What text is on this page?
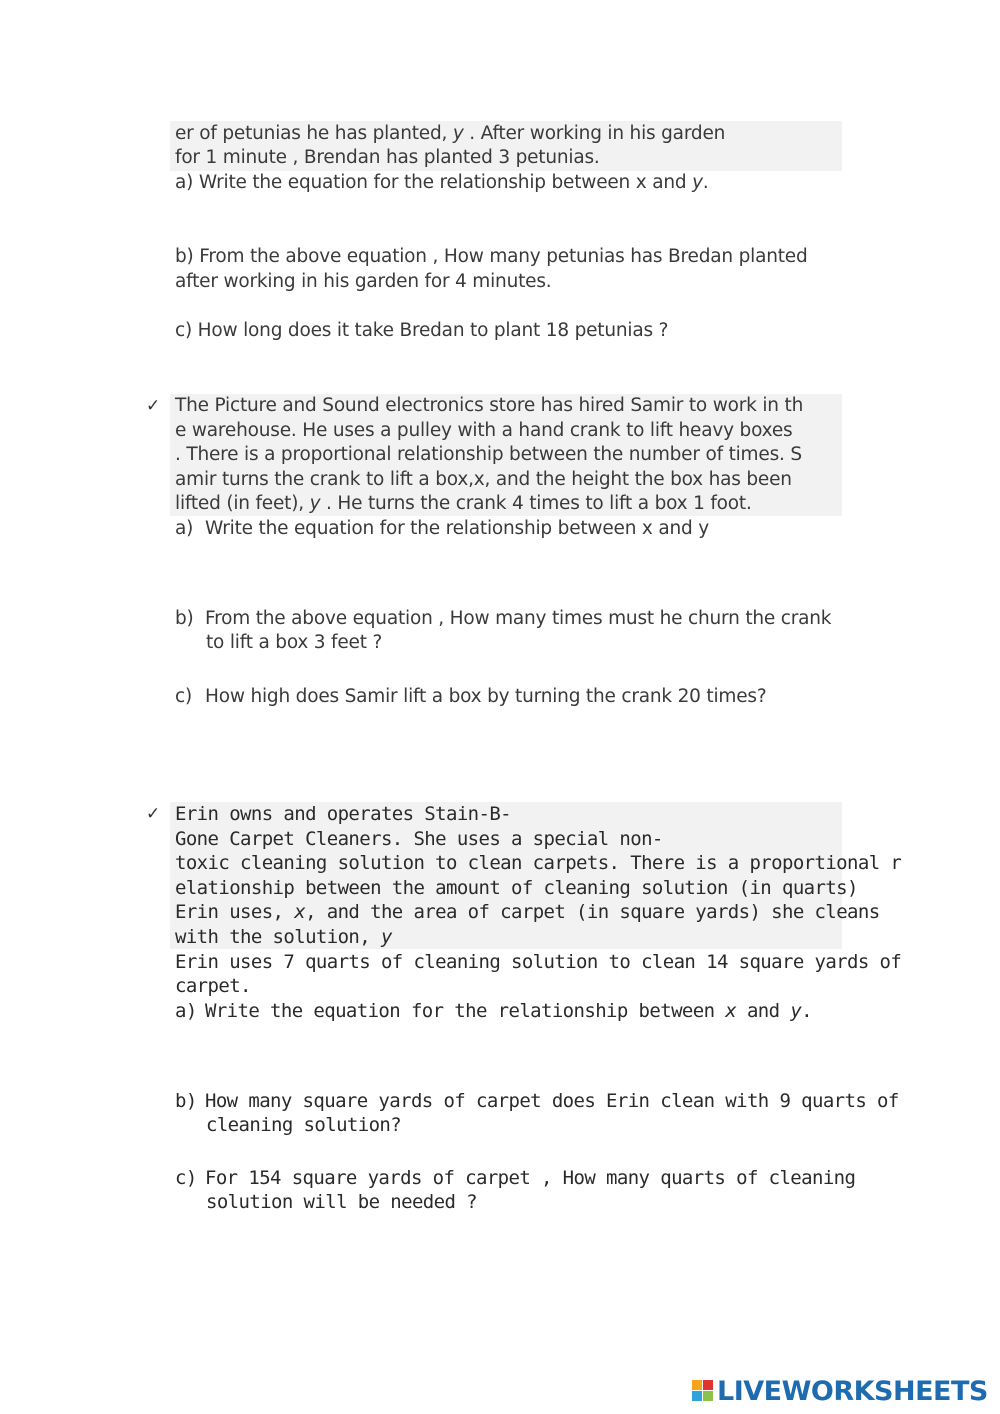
er of petunias he has planted, y . After working in his garden
for 1 minute , Brendan has planted 3 petunias.
a) Write the equation for the relationship between x and y.
b) From the above equation , How many petunias has Bredan planted
after working in his garden for 4 minutes.
c) How long does it take Bredan to plant 18 petunias ?
✓ The Picture and Sound electronics store has hired Samir to work in th
e warehouse. He uses a pulley with a hand crank to lift heavy boxes
. There is a proportional relationship between the number of times. S
amir turns the crank to lift a box,x, and the height the box has been
lifted (in feet), y . He turns the crank 4 times to lift a box 1 foot.
a) Write the equation for the relationship between x and y
b) From the above equation , How many times must he churn the crank
to lift a box 3 feet ?
c) How high does Samir lift a box by turning the crank 20 times?
✓ Erin owns and operates Stain-B-
Gone Carpet Cleaners. She uses a special non-
toxic cleaning solution to clean carpets. There is a proportional r
elationship between the amount of cleaning solution (in quarts)
Erin uses, x, and the area of carpet (in square yards) she cleans
with the solution, y
Erin uses 7 quarts of cleaning solution to clean 14 square yards of
carpet.
a) Write the equation for the relationship between x and y.
b) How many square yards of carpet does Erin clean with 9 quarts of
cleaning solution?
c) For 154 square yards of carpet , How many quarts of cleaning
solution will be needed ?
LIVEWORKSHEETS
